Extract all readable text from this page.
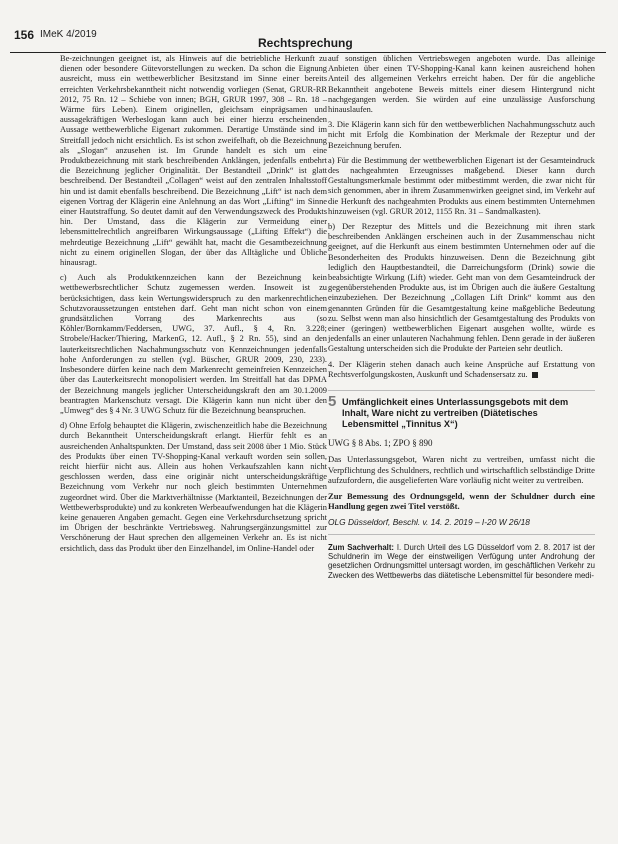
156 IMeK 4/2019
Rechtsprechung

Be-zeichnungen geeignet ist, als Hinweis auf die betriebliche Herkunft zu dienen oder besondere Gütevorstellungen zu wecken. Da schon die Eignung ausreicht, muss ein wettbewerblicher Besitzstand im Sinne einer bereits erreichten Verkehrsbekanntheit nicht notwendig vorliegen (Senat, GRUR-RR 2012, 75 Rn. 12 – Schiebe von innen; BGH, GRUR 1997, 308 – Rn. 18 – Wärme fürs Leben). Einem originellen, gleichsam einprägsamen und aussagekräftigen Werbeslogan kann auch bei einer hierzu erscheinenden Aussage wettbewerbliche Eigenart zukommen. Derartige Umstände sind im Streitfall jedoch nicht ersichtlich. Es ist schon zweifelhaft, ob die Bezeichnung als „Slogan“ anzusehen ist. Im Grunde handelt es sich um eine Produktbezeichnung mit stark beschreibenden Anklängen, jedenfalls entbehrt die Bezeichnung jeglicher Originalität. Der Bestandteil „Drink“ ist glatt beschreibend. Der Bestandteil „Collagen“ weist auf den zentralen Inhaltsstoff hin und ist damit ebenfalls beschreibend. Die Bezeichnung „Lift“ ist nach dem eigenen Vortrag der Klägerin eine Anlehnung an das Wort „Lifting“ im Sinne einer Hautstraffung. So deutet damit auf den Verwendungszweck des Produkts hin. Der Umstand, dass die Klägerin zur Vermeidung einer lebensmittelrechtlich angreifbaren Wirkungsaussage („Lifting Effekt“) die mehrdeutige Bezeichnung „Lift“ gewählt hat, macht die Gesamtbezeichnung nicht zu einem originellen Slogan, der über das Alltägliche und Übliche hinausragt.

c) Auch als Produktkennzeichen kann der Bezeichnung kein wettbewerbsrechtlicher Schutz zugemessen werden. Insoweit ist zu berücksichtigen, dass kein Wertungswiderspruch zu den markenrechtlichen Schutzvoraussetzungen entstehen darf. Geht man nicht schon von einem grundsätzlichen Vorrang des Markenrechts aus (so Köhler/Bornkamm/Feddersen, UWG, 37. Aufl., § 4, Rn. 3.228; Strobele/Hacker/Thiering, MarkenG, 12. Aufl., § 2 Rn. 55), sind an den lauterkeitsrechtlichen Nachahmungsschutz von Kennzeichnungen jedenfalls hohe Anforderungen zu stellen (vgl. Büscher, GRUR 2009, 230, 233). Insbesondere dürfen keine nach dem Markenrecht gemeinfreien Kennzeichen über das Lauterkeitsrecht monopolisiert werden. Im Streitfall hat das DPMA der Bezeichnung mangels jeglicher Unterscheidungskraft den am 30.1.2009 beantragten Markenschutz versagt. Die Klägerin kann nun nicht über den „Umweg“ des § 4 Nr. 3 UWG Schutz für die Bezeichnung beanspruchen.

d) Ohne Erfolg behauptet die Klägerin, zwischenzeitlich habe die Bezeichnung durch Bekanntheit Unterscheidungskraft erlangt. Hierfür fehlt es an ausreichenden Anhaltspunkten. Der Umstand, dass seit 2008 über 1 Mio. Stück des Produkts über einen TV-Shopping-Kanal verkauft worden sein sollen, reicht hierfür nicht aus. Allein aus hohen Verkaufszahlen kann nicht geschlossen werden, dass eine originär nicht unterscheidungskräftige Bezeichnung vom Verkehr nur noch gleich bestimmten Unternehmen zugeordnet wird. Über die Marktverhältnisse (Marktanteil, Bezeichnungen der Wettbewerbsprodukte) und zu konkreten Werbeaufwendungen hat die Klägerin keine genaueren Angaben gemacht. Gegen eine Verkehrsdurchsetzung spricht im Übrigen der beschränkte Vertriebsweg. Nahrungsergänzungsmittel zur Verschönerung der Haut sprechen den allgemeinen Verkehr an. Es ist nicht ersichtlich, dass das Produkt über den Einzelhandel, im Online-Handel oder

auf sonstigen üblichen Vertriebswegen angeboten wurde. Das alleinige Anbieten über einen TV-Shopping-Kanal kann keinen ausreichend hohen Anteil des allgemeinen Verkehrs erreicht haben. Der für die angebliche Bekanntheit angebotene Beweis mittels einer diesem Hintergrund nicht nachgegangen werden. Sie würden auf eine unzulässige Ausforschung hinauslaufen.

3. Die Klägerin kann sich für den wettbewerblichen Nachahmungsschutz auch nicht mit Erfolg die Kombination der Merkmale der Rezeptur und der Bezeichnung berufen.

a) Für die Bestimmung der wettbewerblichen Eigenart ist der Gesamteindruck des nachgeahmten Erzeugnisses maßgebend. Dieser kann durch Gestaltungsmerkmale bestimmt oder mitbestimmt werden, die zwar nicht für sich genommen, aber in ihrem Zusammenwirken geeignet sind, im Verkehr auf die Herkunft des nachgeahmten Produkts aus einem bestimmten Unternehmen hinzuweisen (vgl. GRUR 2012, 1155 Rn. 31 – Sandmalkasten).

b) Der Rezeptur des Mittels und die Bezeichnung mit ihren stark beschreibenden Anklängen erscheinen auch in der Zusammenschau nicht geeignet, auf die Herkunft aus einem bestimmten Unternehmen oder auf die Besonderheiten des Produkts hinzuweisen. Denn die Bezeichnung gibt lediglich den Hauptbestandteil, die Darreichungsform (Drink) sowie die beabsichtigte Wirkung (Lift) wieder. Geht man von dem Gesamteindruck der gegenüberstehenden Produkte aus, ist im Übrigen auch die äußere Gestaltung einzubeziehen. Der Bezeichnung „Collagen Lift Drink“ kommt aus den genannten Gründen für die Gesamtgestaltung keine maßgebliche Bedeutung zu. Selbst wenn man also hinsichtlich der Gesamtgestaltung des Produkts von einer (geringen) wettbewerblichen Eigenart ausgehen wollte, würde es jedenfalls an einer unlauteren Nachahmung fehlen. Denn gerade in der äußeren Gestaltung unterscheiden sich die Produkte der Parteien sehr deutlich.

4. Der Klägerin stehen danach auch keine Ansprüche auf Erstattung von Rechtsverfolgungskosten, Auskunft und Schadensersatz zu.

5 Umfänglichkeit eines Unterlassungsgebots mit dem Inhalt, Ware nicht zu vertreiben (Diätetisches Lebensmittel „Tinnitus X“)
UWG § 8 Abs. 1; ZPO § 890

Das Unterlassungsgebot, Waren nicht zu vertreiben, umfasst nicht die Verpflichtung des Schuldners, rechtlich und wirtschaftlich selbständige Dritte aufzufordern, die ausgelieferten Ware vorläufig nicht weiter zu vertreiben.

Zur Bemessung des Ordnungsgeld, wenn der Schuldner durch eine Handlung gegen zwei Titel verstößt.

OLG Düsseldorf, Beschl. v. 14. 2. 2019 – I-20 W 26/18
Zum Sachverhalt: I. Durch Urteil des LG Düsseldorf vom 2. 8. 2017 ist der Schuldnerin im Wege der einstweiligen Verfügung unter Androhung der gesetzlichen Ordnungsmittel untersagt worden, im geschäftlichen Verkehr zu Zwecken des Wettbewerbs das diätetische Lebensmittel für besondere medi-
